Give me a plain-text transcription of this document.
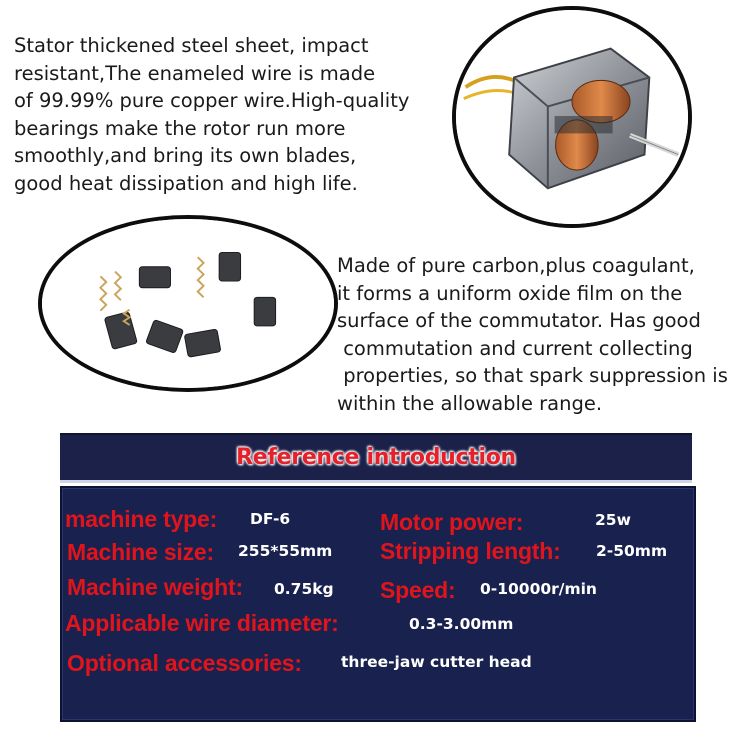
Stator thickened steel sheet, impact
resistant,The enameled wire is made
of 99.99% pure copper wire.High-quality
bearings make the rotor run more
smoothly,and bring its own blades,
good heat dissipation and high life.
Made of pure carbon,plus coagulant,
it forms a uniform oxide film on the
surface of the commutator. Has good
commutation and current collecting
properties, so that spark suppression is
within the allowable range.
Reference introduction
machine type: DF-6	Motor power:	25w
Machine size: 255*55mm Stripping length: 2-50mm
Machine weight: 0.75kg Speed: 0-10000r/min
Applicable wire diameter:	0.3-3.00mm
Optional accessories:	three-jaw cutter head
